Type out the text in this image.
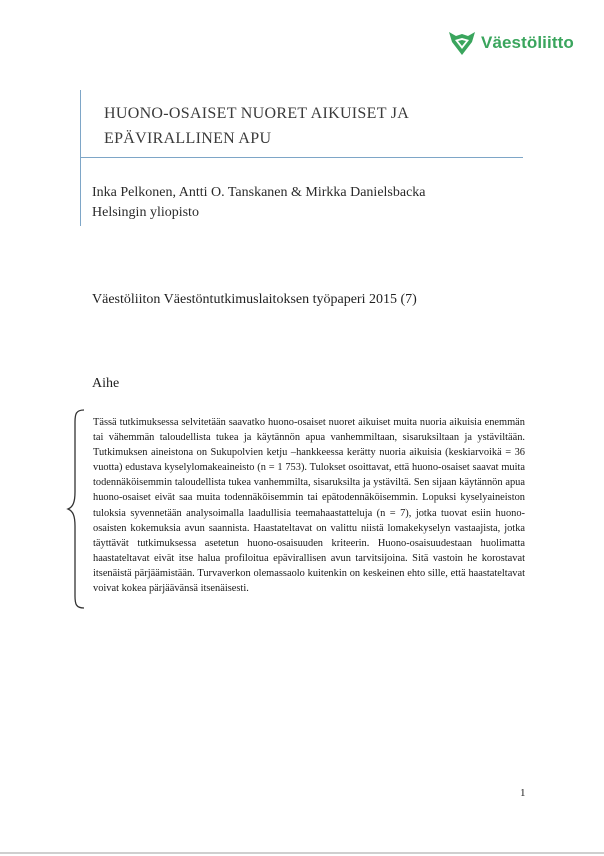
Väestöliitto
HUONO-OSAISET NUORET AIKUISET JA EPÄVIRALLINEN APU
Inka Pelkonen, Antti O. Tanskanen & Mirkka Danielsbacka
Helsingin yliopisto
Väestöliiton Väestöntutkimuslaitoksen työpaperi 2015 (7)
Aihe
Tässä tutkimuksessa selvitetään saavatko huono-osaiset nuoret aikuiset muita nuoria aikuisia enemmän tai vähemmän taloudellista tukea ja käytännön apua vanhemmiltaan, sisaruksiltaan ja ystäviltään. Tutkimuksen aineistona on Sukupolvien ketju –hankkeessa kerätty nuoria aikuisia (keskiarvoikä = 36 vuotta) edustava kyselylomakeaineisto (n = 1 753). Tulokset osoittavat, että huono-osaiset saavat muita todennäköisemmin taloudellista tukea vanhemmilta, sisaruksilta ja ystäviltä. Sen sijaan käytännön apua huono-osaiset eivät saa muita todennäköisemmin tai epätodennäköisemmin. Lopuksi kyselyaineiston tuloksia syvennetään analysoimalla laadullisia teemahaastatteluja (n = 7), jotka tuovat esiin huono-osaisten kokemuksia avun saannista. Haastateltavat on valittu niistä lomakekyselyn vastaajista, jotka täyttävät tutkimuksessa asetetun huono-osaisuuden kriteerin. Huono-osaisuudestaan huolimatta haastateltavat eivät itse halua profiloitua epävirallisen avun tarvitsijoina. Sitä vastoin he korostavat itsenäistä pärjäämistään. Turvaverkon olemassaolo kuitenkin on keskeinen ehto sille, että haastateltavat voivat kokea pärjäävänsä itsenäisesti.
1
